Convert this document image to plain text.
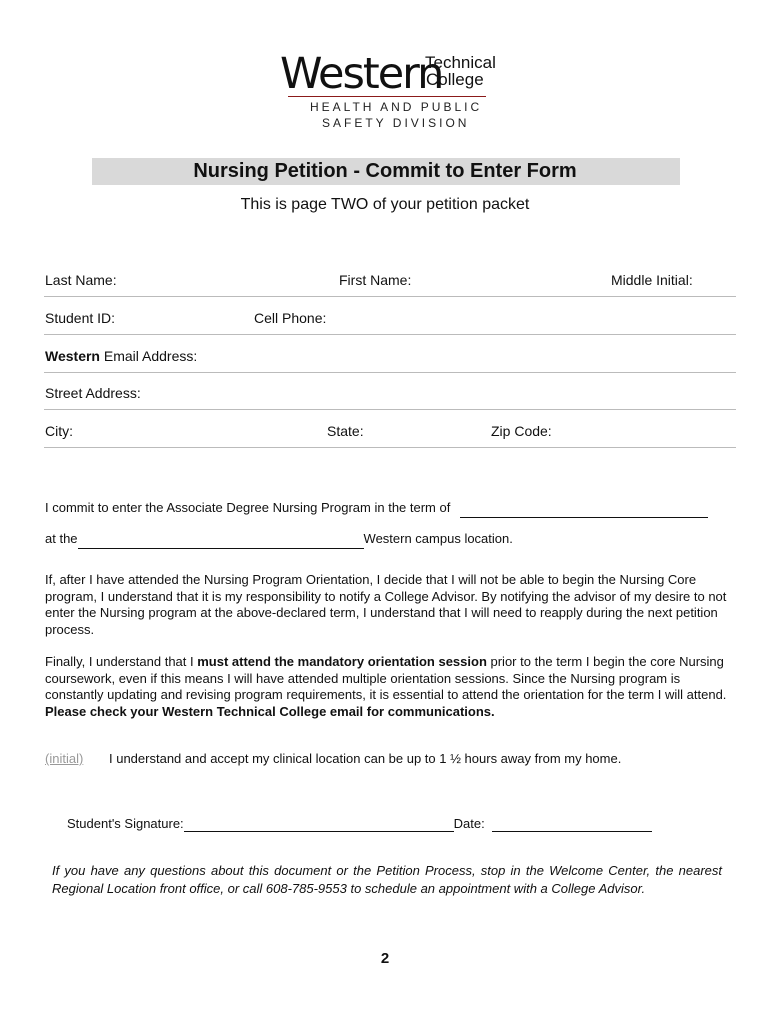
Western
Technical
College
HEALTH AND PUBLIC
SAFETY DIVISION
Nursing Petition - Commit to Enter Form
This is page TWO of your petition packet
Last Name:	First Name:	Middle Initial:
Student ID:	Cell Phone:
Western Email Address:
Street Address:
City:	State:	Zip Code:
I commit to enter the Associate Degree Nursing Program in the term of
at the	Western campus location.
If, after I have attended the Nursing Program Orientation, I decide that I will not be able to begin the Nursing Core program, I understand that it is my responsibility to notify a College Advisor. By notifying the advisor of my desire to not enter the Nursing program at the above-declared term, I understand that I will need to reapply during the next petition process.
Finally, I understand that I must attend the mandatory orientation session prior to the term I begin the core Nursing coursework, even if this means I will have attended multiple orientation sessions. Since the Nursing program is constantly updating and revising program requirements, it is essential to attend the orientation for the term I will attend. Please check your Western Technical College email for communications.
(initial) I understand and accept my clinical location can be up to 1 ½ hours away from my home.
Student's Signature:	Date:
If you have any questions about this document or the Petition Process, stop in the Welcome Center, the nearest Regional Location front office, or call 608-785-9553 to schedule an appointment with a College Advisor.
2
